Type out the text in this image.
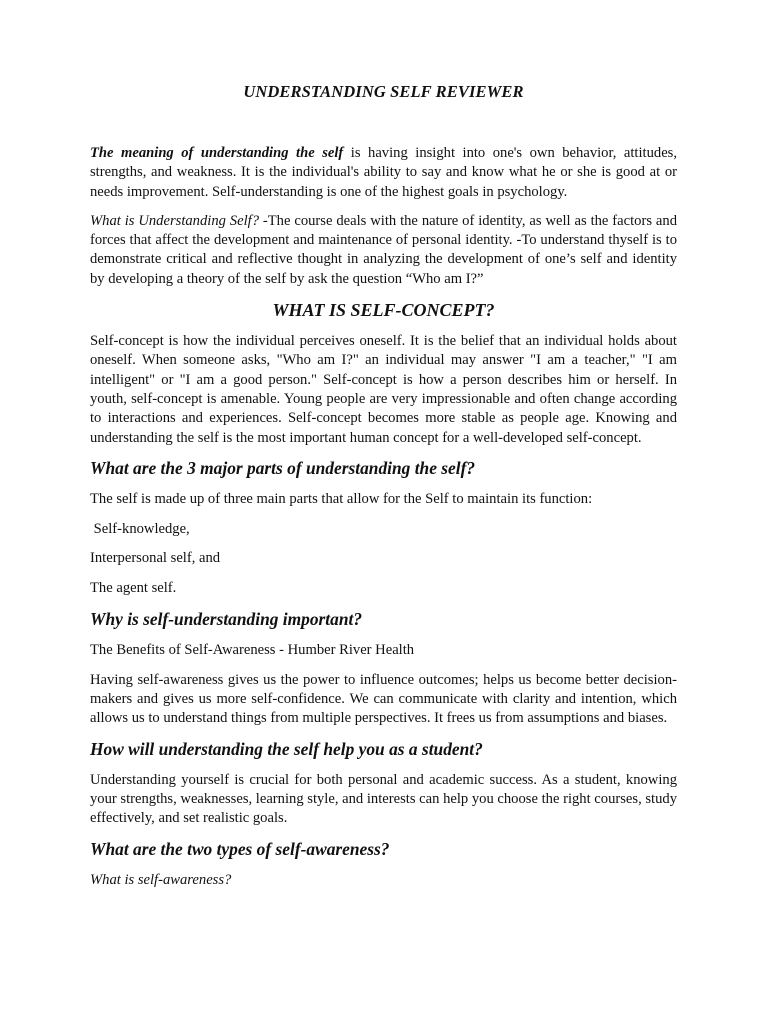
UNDERSTANDING SELF REVIEWER

The meaning of understanding the self is having insight into one's own behavior, attitudes, strengths, and weakness. It is the individual's ability to say and know what he or she is good at or needs improvement. Self-understanding is one of the highest goals in psychology.

What is Understanding Self? -The course deals with the nature of identity, as well as the factors and forces that affect the development and maintenance of personal identity. -To understand thyself is to demonstrate critical and reflective thought in analyzing the development of one’s self and identity by developing a theory of the self by ask the question “Who am I?”

WHAT IS SELF-CONCEPT?

Self-concept is how the individual perceives oneself. It is the belief that an individual holds about oneself. When someone asks, "Who am I?" an individual may answer "I am a teacher," "I am intelligent" or "I am a good person." Self-concept is how a person describes him or herself. In youth, self-concept is amenable. Young people are very impressionable and often change according to interactions and experiences. Self-concept becomes more stable as people age. Knowing and understanding the self is the most important human concept for a well-developed self-concept.

What are the 3 major parts of understanding the self?

The self is made up of three main parts that allow for the Self to maintain its function:

Self-knowledge,

Interpersonal self, and

The agent self.

Why is self-understanding important?

The Benefits of Self-Awareness - Humber River Health

Having self-awareness gives us the power to influence outcomes; helps us become better decision-makers and gives us more self-confidence. We can communicate with clarity and intention, which allows us to understand things from multiple perspectives. It frees us from assumptions and biases.

How will understanding the self help you as a student?

Understanding yourself is crucial for both personal and academic success. As a student, knowing your strengths, weaknesses, learning style, and interests can help you choose the right courses, study effectively, and set realistic goals.

What are the two types of self-awareness?

What is self-awareness?
